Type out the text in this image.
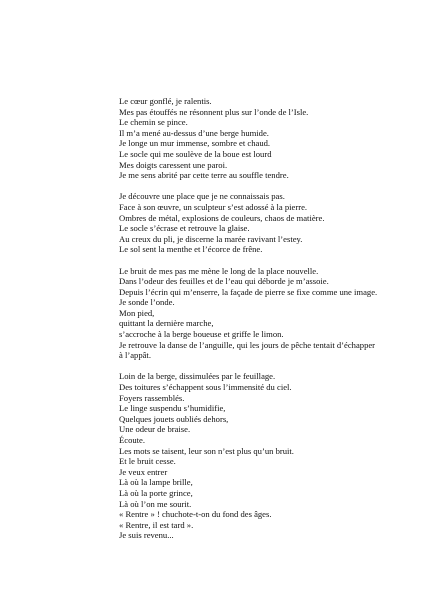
Le cœur gonflé, je ralentis.
Mes pas étouffés ne résonnent plus sur l’onde de l’Isle.
Le chemin se pince.
Il m’a mené au-dessus d’une berge humide.
Je longe un mur immense, sombre et chaud.
Le socle qui me soulève de la boue est lourd
Mes doigts caressent une paroi.
Je me sens abrité par cette terre au souffle tendre.
Je découvre une place que je ne connaissais pas.
Face à son œuvre, un sculpteur s’est adossé à la pierre.
Ombres de métal, explosions de couleurs, chaos de matière.
Le socle s’écrase et retrouve la glaise.
Au creux du pli, je discerne la marée ravivant l’estey.
Le sol sent la menthe et l’écorce de frêne.
Le bruit de mes pas me mène le long de la place nouvelle.
Dans l’odeur des feuilles et de l’eau qui déborde je m’assoie.
Depuis l’écrin qui m’enserre, la façade de pierre se fixe comme une image.
Je sonde l’onde.
Mon pied,
quittant la dernière marche,
s’accroche à la berge boueuse et griffe le limon.
Je retrouve la danse de l’anguille, qui les jours de pêche tentait d’échapper
à l’appât.
Loin de la berge, dissimulées par le feuillage.
Des toitures s’échappent sous l’immensité du ciel.
Foyers rassemblés.
Le linge suspendu s’humidifie,
Quelques jouets oubliés dehors,
Une odeur de braise.
Écoute.
Les mots se taisent, leur son n’est plus qu’un bruit.
Et le bruit cesse.
Je veux entrer
Là où la lampe brille,
Là où la porte grince,
Là où l’on me sourit.
« Rentre » ! chuchote-t-on du fond des âges.
« Rentre, il est tard ».
Je suis revenu...
